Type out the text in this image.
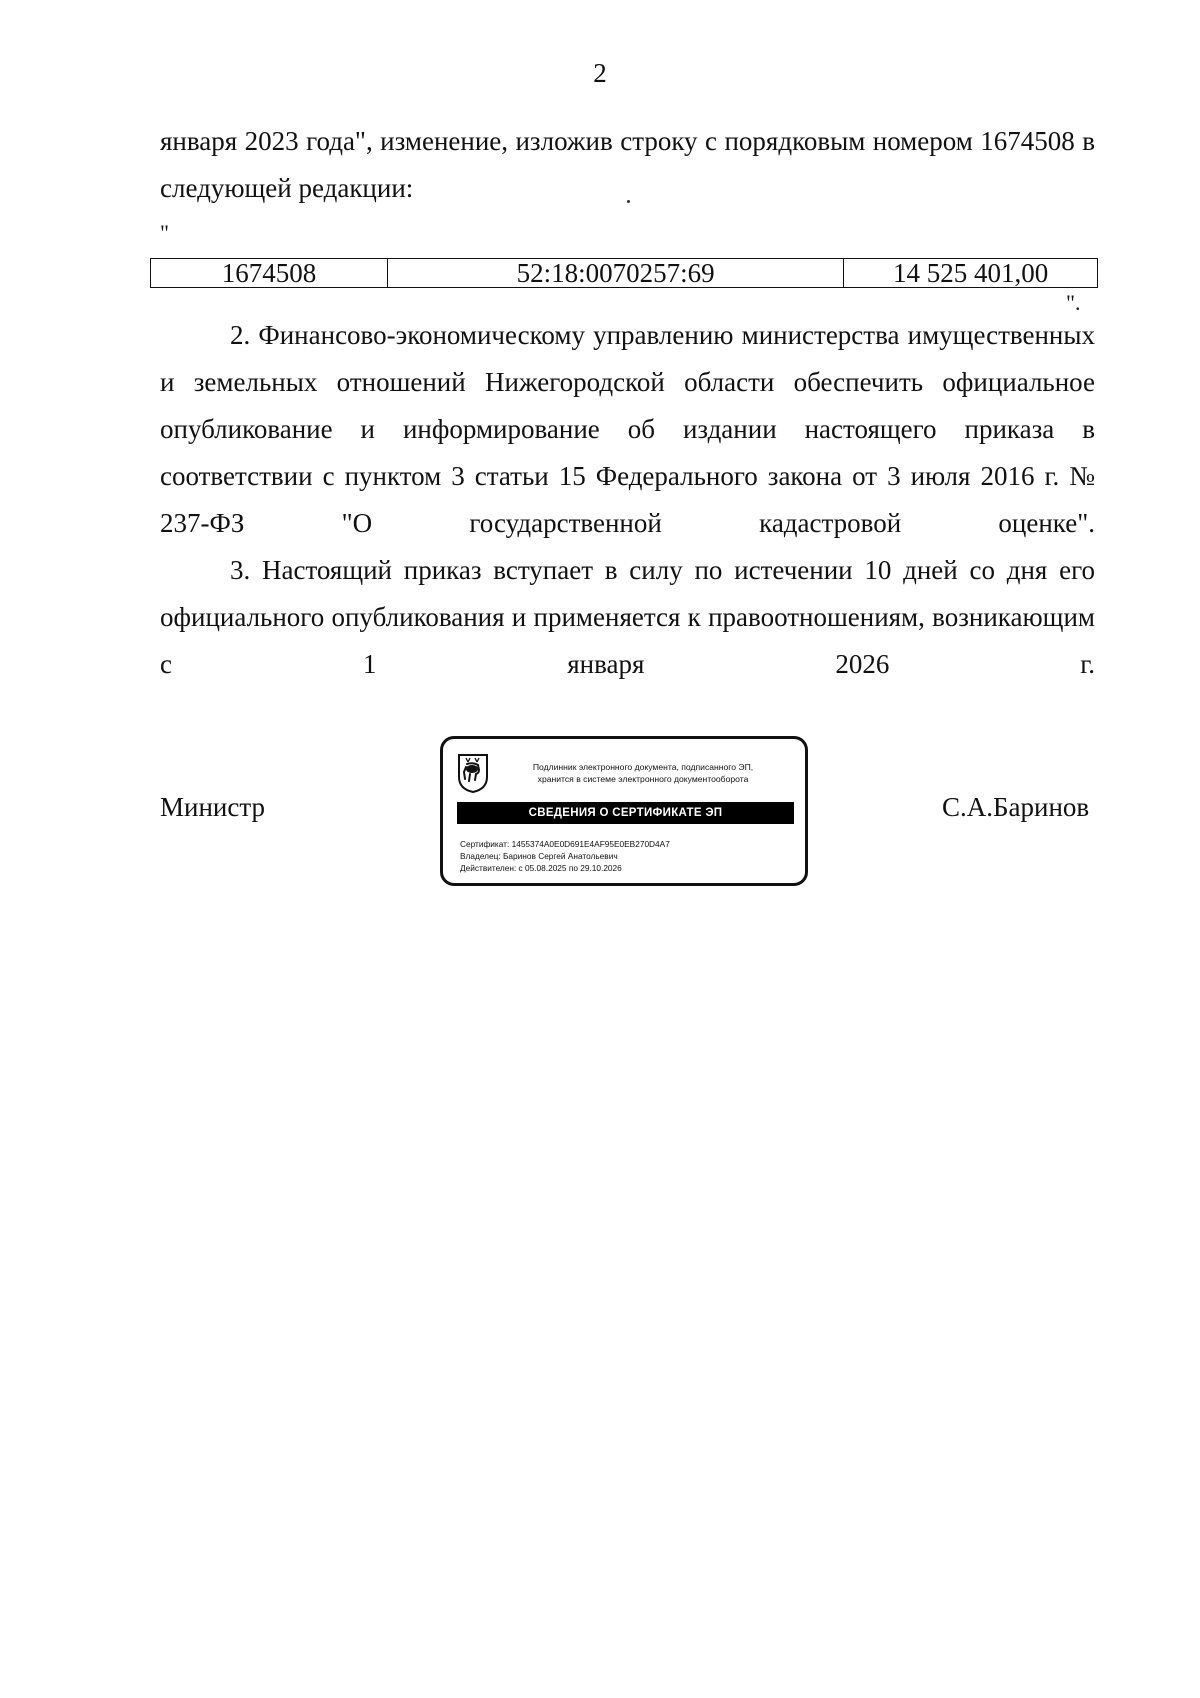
2

января 2023 года", изменение, изложив строку с порядковым номером 1674508 в следующей редакции:

"
1674508	52:18:0070257:69	14 525 401,00
".

2. Финансово-экономическому управлению министерства имущественных и земельных отношений Нижегородской области обеспечить официальное опубликование и информирование об издании настоящего приказа в соответствии с пунктом 3 статьи 15 Федерального закона от 3 июля 2016 г. № 237-ФЗ "О государственной кадастровой оценке".

3. Настоящий приказ вступает в силу по истечении 10 дней со дня его официального опубликования и применяется к правоотношениям, возникающим с 1 января 2026 г.

Министр
Подлинник электронного документа, подписанного ЭП,
хранится в системе электронного документооборота
СВЕДЕНИЯ О СЕРТИФИКАТЕ ЭП
Сертификат: 1455374A0E0D691E4AF95E0EB270D4A7
Владелец: Баринов Сергей Анатольевич
Действителен: с 05.08.2025 по 29.10.2026
С.А.Баринов
